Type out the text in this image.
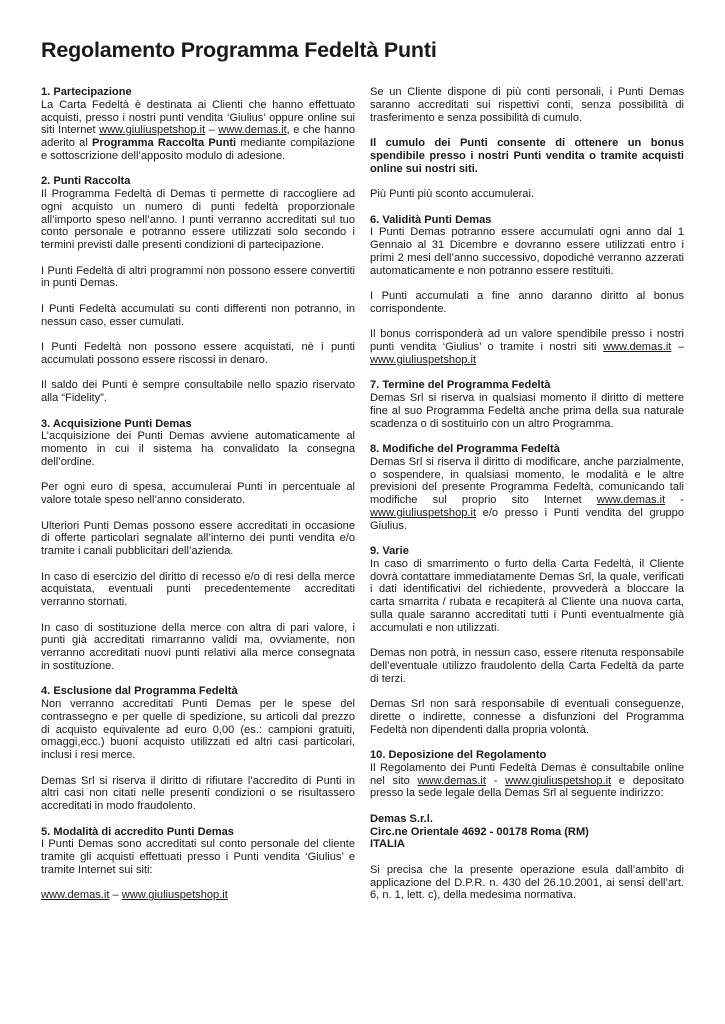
Regolamento Programma Fedeltà Punti
1. Partecipazione

La Carta Fedeltà è destinata ai Clienti che hanno effettuato acquisti, presso i nostri punti vendita ‘Giulius’ oppure online sui siti Internet www.giuliuspetshop.it – www.demas.it, e che hanno aderito al Programma Raccolta Punti mediante compilazione e sottoscrizione dell’apposito modulo di adesione.

2. Punti Raccolta

Il Programma Fedeltà di Demas ti permette di raccogliere ad ogni acquisto un numero di punti fedeltà proporzionale all’importo speso nell’anno. I punti verranno accreditati sul tuo conto personale e potranno essere utilizzati solo secondo i termini previsti dalle presenti condizioni di partecipazione.

I Punti Fedeltà di altri programmi non possono essere convertiti in punti Demas.

I Punti Fedeltà accumulati su conti differenti non potranno, in nessun caso, esser cumulati.

I Punti Fedeltà non possono essere acquistati, nè i punti accumulati possono essere riscossi in denaro.

Il saldo dei Punti è sempre consultabile nello spazio riservato alla “Fidelity”.

3. Acquisizione Punti Demas

L’acquisizione dei Punti Demas avviene automaticamente al momento in cui il sistema ha convalidato la consegna dell’ordine.

Per ogni euro di spesa, accumulerai Punti in percentuale al valore totale speso nell’anno considerato.

Ulteriori Punti Demas possono essere accreditati in occasione di offerte particolari segnalate all’interno dei punti vendita e/o tramite i canali pubblicitari dell’azienda.

In caso di esercizio del diritto di recesso e/o di resi della merce acquistata, eventuali punti precedentemente accreditati verranno stornati.

In caso di sostituzione della merce con altra di pari valore, i punti già accreditati rimarranno validi ma, ovviamente, non verranno accreditati nuovi punti relativi alla merce consegnata in sostituzione.

4. Esclusione dal Programma Fedeltà

Non verranno accreditati Punti Demas per le spese del contrassegno e per quelle di spedizione, su articoli dal prezzo di acquisto equivalente ad euro 0,00 (es.: campioni gratuiti, omaggi,ecc.) buoni acquisto utilizzati ed altri casi particolari, inclusi i resi merce.

Demas Srl si riserva il diritto di rifiutare l’accredito di Punti in altri casi non citati nelle presenti condizioni o se risultassero accreditati in modo fraudolento.

5. Modalità di accredito Punti Demas

I Punti Demas sono accreditati sul conto personale del cliente tramite gli acquisti effettuati presso i Punti vendita ‘Giulius’ e tramite Internet sui siti:

www.demas.it – www.giuliuspetshop.it

Se un Cliente dispone di più conti personali, i Punti Demas saranno accreditati sui rispettivi conti, senza possibilità di trasferimento e senza possibilità di cumulo.

Il cumulo dei Punti consente di ottenere un bonus spendibile presso i nostri Punti vendita o tramite acquisti online sui nostri siti.

Più Punti più sconto accumulerai.

6. Validità Punti Demas

I Punti Demas potranno essere accumulati ogni anno dal 1 Gennaio al 31 Dicembre e dovranno essere utilizzati entro i primi 2 mesi dell’anno successivo, dopodiché verranno azzerati automaticamente e non potranno essere restituiti.

I Punti accumulati a fine anno daranno diritto al bonus corrispondente.

Il bonus corrisponderà ad un valore spendibile presso i nostri punti vendita ‘Giulius’ o tramite i nostri siti www.demas.it – www.giuliuspetshop.it

7. Termine del Programma Fedeltà

Demas Srl si riserva in qualsiasi momento il diritto di mettere fine al suo Programma Fedeltà anche prima della sua naturale scadenza o di sostituirlo con un altro Programma.

8. Modifiche del Programma Fedeltà

Demas Srl si riserva il diritto di modificare, anche parzialmente, o sospendere, in qualsiasi momento, le modalità e le altre previsioni del presente Programma Fedeltà, comunicando tali modifiche sul proprio sito Internet www.demas.it - www.giuliuspetshop.it e/o presso i Punti vendita del gruppo Giulius.

9. Varie

In caso di smarrimento o furto della Carta Fedeltà, il Cliente dovrà contattare immediatamente Demas Srl, la quale, verificati i dati identificativi del richiedente, provvederà a bloccare la carta smarrita / rubata e recapiterà al Cliente una nuova carta, sulla quale saranno accreditati tutti i Punti eventualmente già accumulati e non utilizzati.

Demas non potrà, in nessun caso, essere ritenuta responsabile dell’eventuale utilizzo fraudolento della Carta Fedeltà da parte di terzi.

Demas Srl non sarà responsabile di eventuali conseguenze, dirette o indirette, connesse a disfunzioni del Programma Fedeltà non dipendenti dalla propria volontà.

10. Deposizione del Regolamento

Il Regolamento dei Punti Fedeltà Demas è consultabile online nel sito www.demas.it - www.giuliuspetshop.it e depositato presso la sede legale della Demas Srl al seguente indirizzo:

Demas S.r.l.
Circ.ne Orientale 4692 - 00178 Roma (RM)
ITALIA

Si precisa che la presente operazione esula dall’ambito di applicazione del D.P.R. n. 430 del 26.10.2001, ai sensi dell’art. 6, n. 1, lett. c), della medesima normativa.
